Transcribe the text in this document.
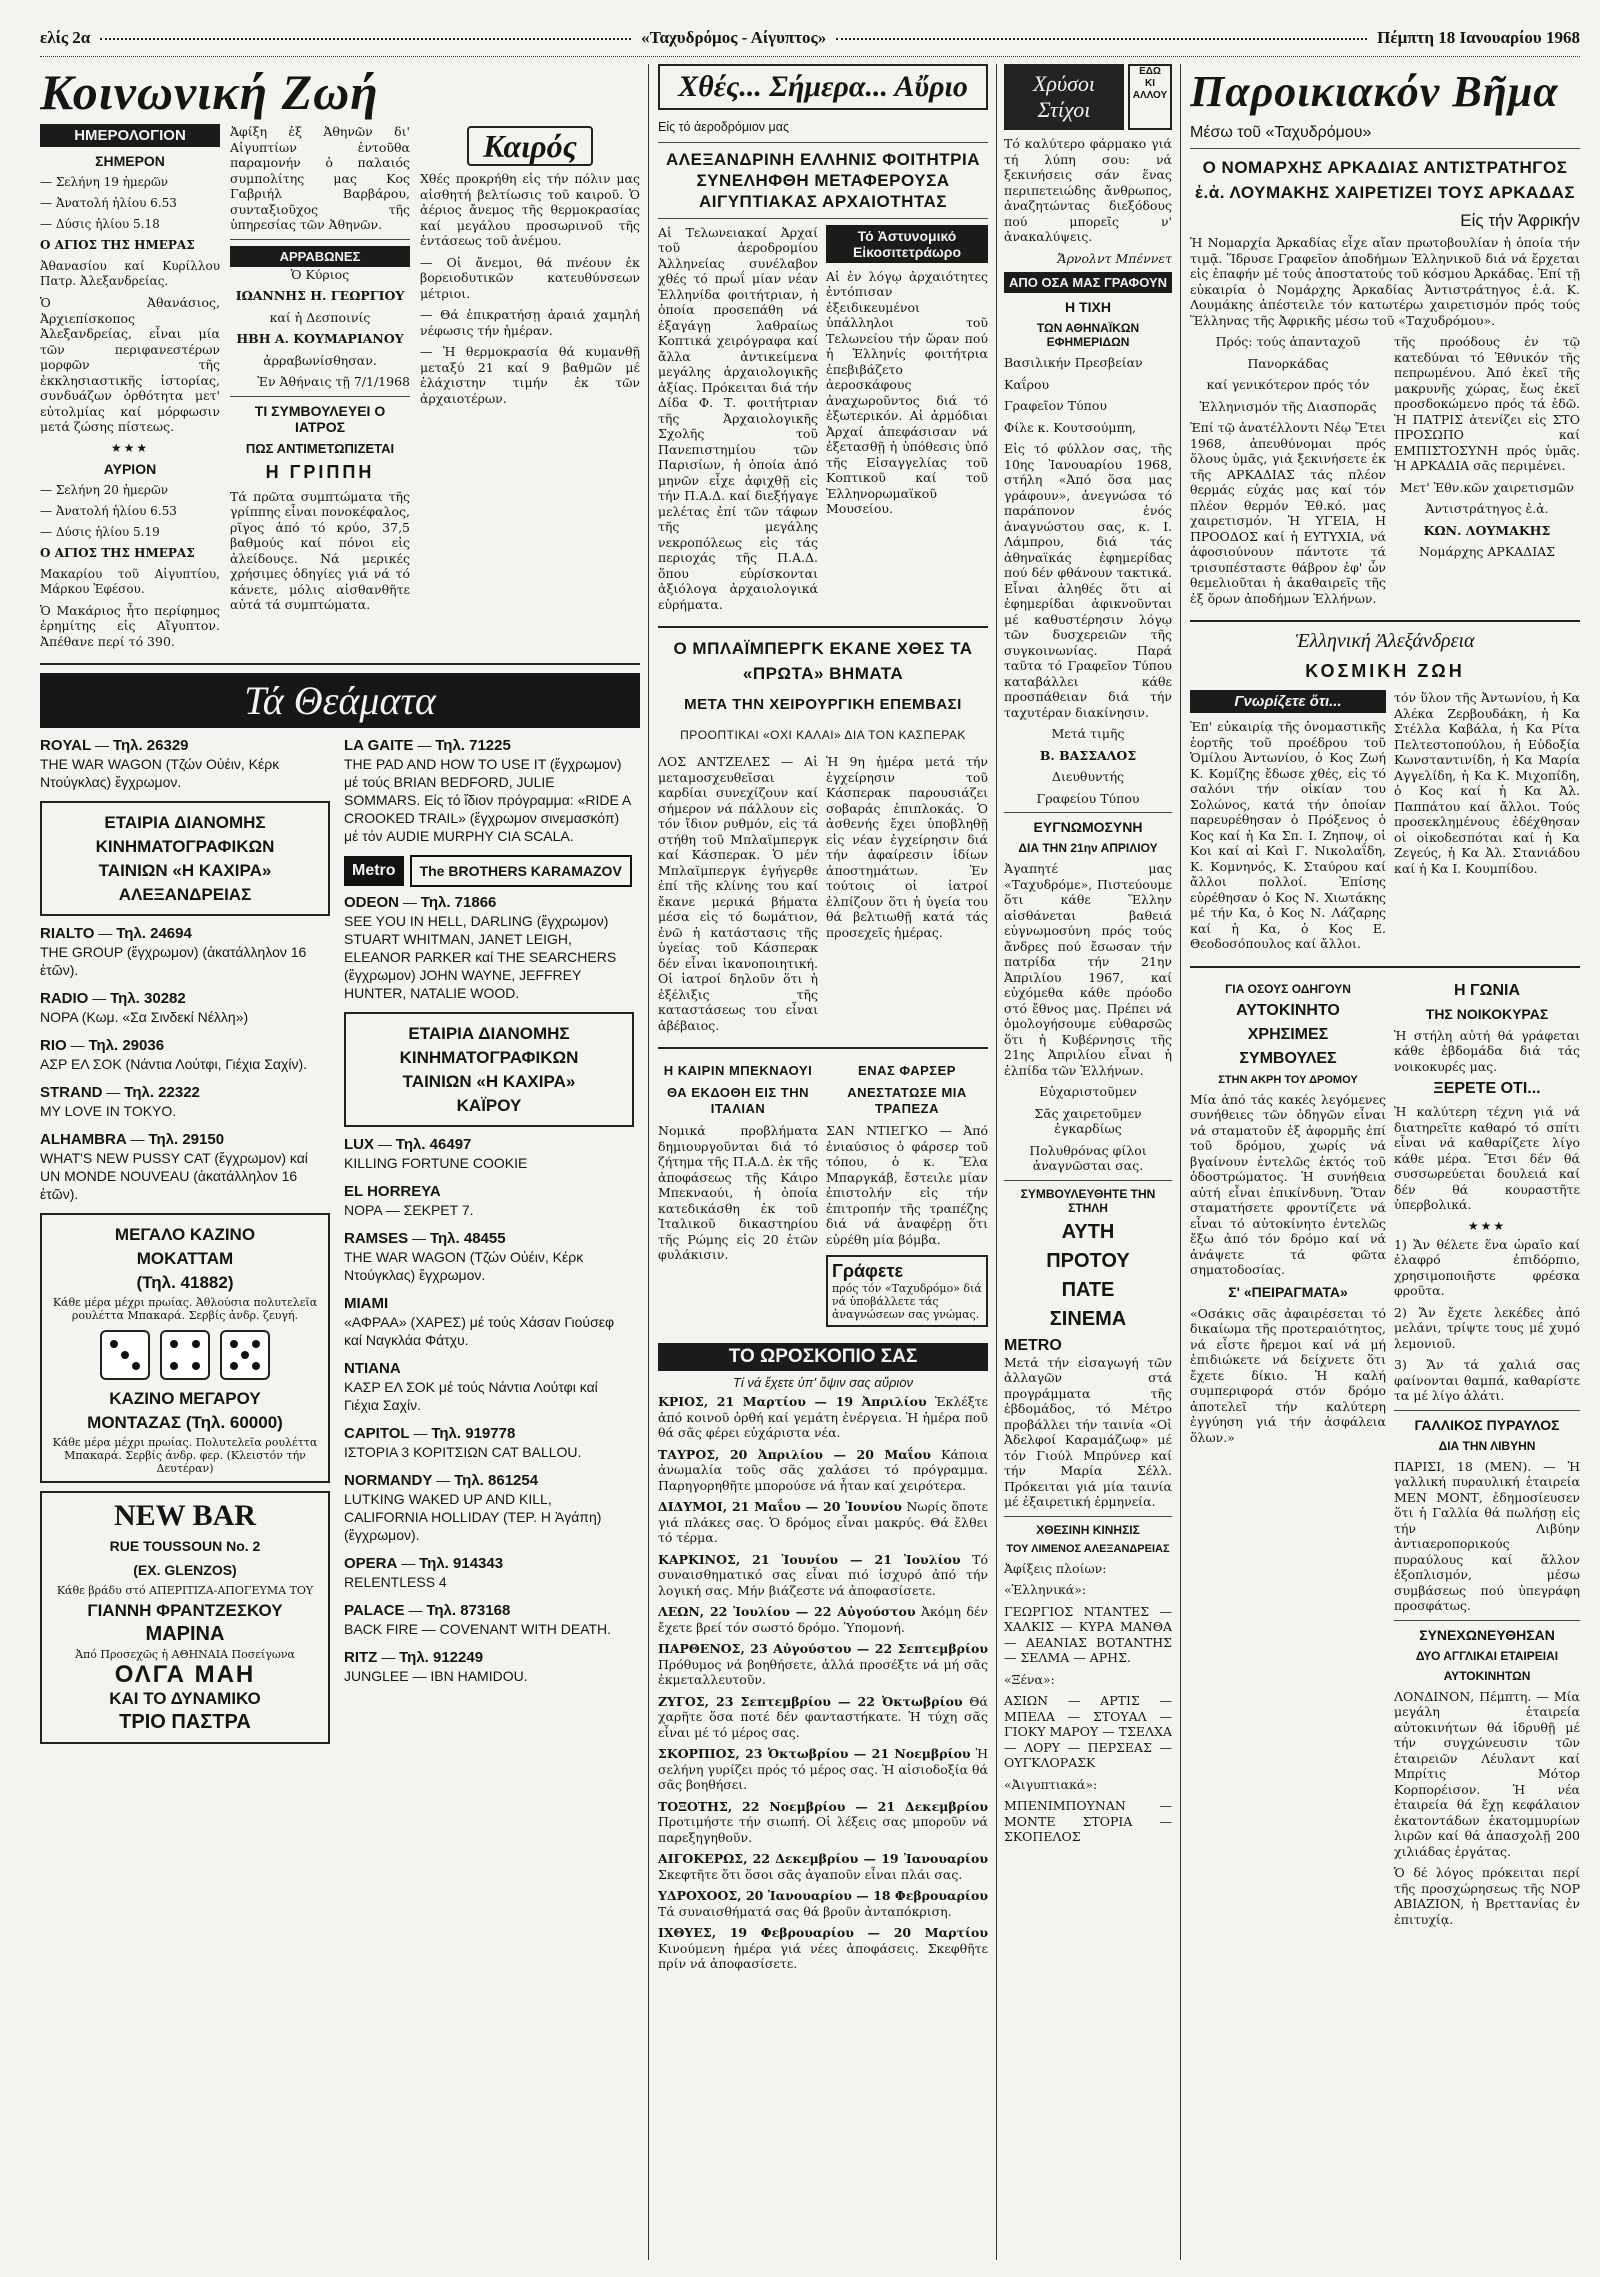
ελίς 2α	«Ταχυδρόμος - Αίγυπτος»	Πέμπτη 18 Ιανουαρίου 1968
Κοινωνική Ζωή
ΗΜΕΡΟΛΟΓΙΟΝ
ΣΗΜΕΡΟΝ
— Σελήνη 19 ἡμερῶν
— Ἀνατολή ἡλίου 6.53
— Δύσις ἡλίου 5.18
Ο ΑΓΙΟΣ ΤΗΣ ΗΜΕΡΑΣ
Ἀθανασίου καί Κυρίλλου Πατρ. Ἀλεξανδρείας.

Ὁ Ἀθανάσιος, Ἀρχιεπίσκοπος Ἀλεξανδρείας, εἶναι μία τῶν περιφανεστέρων μορφῶν τῆς ἐκκλησιαστικῆς ἱστορίας, συνδυάζων ὀρθότητα μετ' εὐτολμίας καί μόρφωσιν μετά ζώσης πίστεως.

★★★
ΑΥΡΙΟΝ
— Σελήνη 20 ἡμερῶν
— Ἀνατολή ἡλίου 6.53
— Δύσις ἡλίου 5.19
Ο ΑΓΙΟΣ ΤΗΣ ΗΜΕΡΑΣ
Μακαρίου τοῦ Αἰγυπτίου, Μάρκου Ἐφέσου.

Ὁ Μακάριος ἦτο περίφημος ἐρημίτης εἰς Αἴγυπτον. Ἀπέθανε περί τό 390.

Ἀφίξη ἐξ Ἀθηνῶν δι' Αἰγυπτίων ἐντοῦθα παραμονήν ὁ παλαιός συμπολίτης μας Κος Γαβριήλ Βαρβάρου, συνταξιοῦχος τῆς ὑπηρεσίας τῶν Ἀθηνῶν.

ΑΡΡΑΒΩΝΕΣ
Ὁ Κύριος
ΙΩΑΝΝΗΣ Η. ΓΕΩΡΓΙΟΥ
καί ἡ Δεσποινίς
ΗΒΗ Α. ΚΟΥΜΑΡΙΑΝΟΥ
ἀρραβωνίσθησαν.
Ἐν Ἀθήναις τῇ 7/1/1968
ΤΙ ΣΥΜΒΟΥΛΕΥΕΙ Ο ΙΑΤΡΟΣ
ΠΩΣ ΑΝΤΙΜΕΤΩΠΙΖΕΤΑΙ
Η ΓΡΙΠΠΗ

Τά πρῶτα συμπτώματα τῆς γρίππης εἶναι πονοκέφαλος, ρῖγος ἀπό τό κρύο, 37,5 βαθμούς καί πόνοι εἰς ἀλείδουςε. Νά μερικές χρήσιμες ὁδηγίες γιά νά τό κάνετε, μόλις αἰσθανθῆτε αὐτά τά συμπτώματα.

Καιρός

Χθές προκρήθη εἰς τήν πόλιν μας αἰσθητή βελτίωσις τοῦ καιροῦ. Ὁ ἀέριος ἄνεμος τῆς θερμοκρασίας καί μεγάλου προσωρινοῦ τῆς ἐντάσεως τοῦ ἀνέμου.

— Οἱ ἄνεμοι, θά πνέουν ἐκ βορειοδυτικῶν κατευθύνσεων μέτριοι.

— Θά ἐπικρατήσῃ ἀραιά χαμηλή νέφωσις τήν ἡμέραν.

— Ἡ θερμοκρασία θά κυμανθῇ μεταξύ 21 καί 9 βαθμῶν μέ ἐλάχιστην τιμήν ἐκ τῶν ἀρχαιοτέρων.

Τά Θεάματα
ROYAL — Τηλ. 26329
THE WAR WAGON (Τζών Οὐέιν, Κέρκ Ντούγκλας) ἔγχρωμον.
ΕΤΑΙΡΙΑ ΔΙΑΝΟΜΗΣ
ΚΙΝΗΜΑΤΟΓΡΑΦΙΚΩΝ
ΤΑΙΝΙΩΝ «Η ΚΑΧΙΡΑ»
ΑΛΕΞΑΝΔΡΕΙΑΣ
RIALTO — Τηλ. 24694
THE GROUP (ἔγχρωμον) (ἀκατάλληλον 16 ἐτῶν).
RADIO — Τηλ. 30282
ΝΟΡΑ (Κωμ. «Σα Σινδεκί Νέλλη»)
RIO — Τηλ. 29036
ΑΣΡ ΕΛ ΣΟΚ (Νάντια Λούτφι, Γιέχια Σαχίν).
STRAND — Τηλ. 22322
MY LOVE IN TOKYO.
ALHAMBRA — Τηλ. 29150
WHAT'S NEW PUSSY CAT (ἔγχρωμον) καί UN MONDE NOUVEAU (ἀκατάλληλον 16 ἐτῶν).
ΜΕΓΑΛΟ ΚΑΖΙΝΟ
ΜΟΚΑΤΤΑΜ
(Τηλ. 41882)
Κάθε μέρα μέχρι πρωίας. Ἀθλούσια πολυτελεῖα ρουλέττα Μπακαρά. Σερβίς ἀνδρ. ζευγή.
ΚΑΖΙΝΟ ΜΕΓΑΡΟΥ
ΜΟΝΤΑΖΑΣ (Τηλ. 60000)
Κάθε μέρα μέχρι πρωίας. Πολυτελεῖα ρουλέττα Μπακαρά. Σερβίς ἀνδρ. φερ. (Κλειστόν τήν Δευτέραν)
NEW BAR
RUE TOUSSOUN No. 2
(EX. GLENZOS)
Κάθε βράδυ στό ΑΠΕΡΙΤΙΖΑ-ΑΠΟΓΕΥΜΑ ΤΟΥ
ΓΙΑΝΝΗ ΦΡΑΝΤΖΕΣΚΟΥ
ΜΑΡΙΝΑ
Ἀπό Προσεχῶς ἡ ΑΘΗΝΑΙΑ Ποσείγωνα
ΟΛΓΑ ΜΑΗ
ΚΑΙ ΤΟ ΔΥΝΑΜΙΚΟ
ΤΡΙΟ ΠΑΣΤΡΑ
LA GAITE — Τηλ. 71225
THE PAD AND HOW TO USE IT (ἔγχρωμον) μέ τούς BRIAN BEDFORD, JULIE SOMMARS. Εἰς τό ἴδιον πρόγραμμα: «RIDE A CROOKED TRAIL» (ἔγχρωμον σινεμασκόπ) μέ τόν AUDIE MURPHY CIA SCALA.
Metro	The BROTHERS KARAMAZOV
ODEON — Τηλ. 71866
SEE YOU IN HELL, DARLING (ἔγχρωμον) STUART WHITMAN, JANET LEIGH, ELEANOR PARKER καί THE SEARCHERS (ἔγχρωμον) JOHN WAYNE, JEFFREY HUNTER, NATALIE WOOD.
ΕΤΑΙΡΙΑ ΔΙΑΝΟΜΗΣ
ΚΙΝΗΜΑΤΟΓΡΑΦΙΚΩΝ
ΤΑΙΝΙΩΝ «Η ΚΑΧΙΡΑ»
ΚΑΪΡΟΥ
LUX — Τηλ. 46497
KILLING FORTUNE COOKIE
EL HORREYA
ΝΟΡΑ — ΣΕΚΡΕΤ 7.
RAMSES — Τηλ. 48455
THE WAR WAGON (Τζών Οὐέιν, Κέρκ Ντούγκλας) ἔγχρωμον.
MIAMI
«ΑΦΡΑΑ» (ΧΑΡΕΣ) μέ τούς Χάσαν Γιούσεφ καί Ναγκλάα Φάτχυ.
ΝΤΙΑΝΑ
ΚΑΣΡ ΕΛ ΣΟΚ μέ τούς Νάντια Λούτφι καί Γιέχια Σαχίν.
CAPITOL — Τηλ. 919778
ΙΣΤΟΡΙΑ 3 ΚΟΡΙΤΣΙΩΝ CAT BALLOU.
NORMANDY — Τηλ. 861254
LUTKING WAKED UP AND KILL, CALIFORNIA HOLLIDAY (ΤΕΡ. Η Ἀγάπη) (ἔγχρωμον).
OPERA — Τηλ. 914343
RELENTLESS 4
PALACE — Τηλ. 873168
BACK FIRE — COVENANT WITH DEATH.
RITZ — Τηλ. 912249
JUNGLEE — IBN HAMIDOU.
Χθές... Σήμερα... Αὔριο

Εἰς τό ἀεροδρόμιον μας

ΑΛΕΞΑΝΔΡΙΝΗ ΕΛΛΗΝΙΣ ΦΟΙΤΗΤΡΙΑ ΣΥΝΕΛΗΦΘΗ ΜΕΤΑΦΕΡΟΥΣΑ ΑΙΓΥΠΤΙΑΚΑΣ ΑΡΧΑΙΟΤΗΤΑΣ

Αἱ Τελωνειακαί Ἀρχαί τοῦ ἀεροδρομίου Ἀλληνείας συνέλαβον χθές τό πρωΐ μίαν νέαν Ἑλληνίδα φοιτήτριαν, ἡ ὁποία προσεπάθη νά ἐξαγάγῃ λαθραίως Κοπτικά χειρόγραφα καί ἄλλα ἀντικείμενα μεγάλης ἀρχαιολογικῆς ἀξίας. Πρόκειται διά τήν Δίδα Φ. Τ. φοιτήτριαν τῆς Ἀρχαιολογικῆς Σχολῆς τοῦ Πανεπιστημίου τῶν Παρισίων, ἡ ὁποία ἀπό μηνῶν εἶχε ἀφιχθῇ εἰς τήν Π.Α.Δ. καί διεξήγαγε μελέτας ἐπί τῶν τάφων τῆς μεγάλης νεκροπόλεως εἰς τάς περιοχάς τῆς Π.Α.Δ. ὅπου εὑρίσκονται ἀξιόλογα ἀρχαιολογικά εὑρήματα.

Τό Ἀστυνομικό Εἰκοσιτετράωρο

Αἱ ἐν λόγῳ ἀρχαιότητες ἐντόπισαν ἐξειδικευμένοι ὑπάλληλοι τοῦ Τελωνείου τήν ὥραν πού ἡ Ἑλληνίς φοιτήτρια ἐπεβιβάζετο ἀεροσκάφους ἀναχωροῦντος διά τό ἐξωτερικόν. Αἱ ἀρμόδιαι Ἀρχαί ἀπεφάσισαν νά ἐξετασθῇ ἡ ὑπόθεσις ὑπό τῆς Εἰσαγγελίας τοῦ Κοπτικοῦ καί τοῦ Ἑλληνορωμαϊκοῦ Μουσείου.

Ο ΜΠΛΑΪΜΠΕΡΓΚ ΕΚΑΝΕ ΧΘΕΣ ΤΑ «ΠΡΩΤΑ» ΒΗΜΑΤΑ
ΜΕΤΑ ΤΗΝ ΧΕΙΡΟΥΡΓΙΚΗ ΕΠΕΜΒΑΣΙ
ΠΡΟΟΠΤΙΚΑΙ «ΟΧΙ ΚΑΛΑΙ» ΔΙΑ ΤΟΝ ΚΑΣΠΕΡΑΚ

ΛΟΣ ΑΝΤΖΕΛΕΣ — Αἱ μεταμοσχευθεῖσαι καρδίαι συνεχίζουν καί σήμερον νά πάλλουν εἰς τόν ἴδιον ρυθμόν, εἰς τά στήθη τοῦ Μπλαϊμπεργκ καί Κάσπερακ. Ὁ μέν Μπλαϊμπεργκ ἐγήγερθε ἐπί τῆς κλίνης του καί ἔκανε μερικά βήματα μέσα εἰς τό δωμάτιον, ἐνῶ ἡ κατάστασις τῆς ὑγείας τοῦ Κάσπερακ δέν εἶναι ἱκανοποιητική. Οἱ ἰατροί δηλοῦν ὅτι ἡ ἐξέλιξις τῆς καταστάσεως του εἶναι ἀβέβαιος.

Ἡ 9η ἡμέρα μετά τήν ἐγχείρησιν τοῦ Κάσπερακ παρουσιάζει σοβαράς ἐπιπλοκάς. Ὁ ἀσθενής ἔχει ὑποβληθῇ εἰς νέαν ἐγχείρησιν διά τήν ἀφαίρεσιν ἰδίων ἀποστημάτων. Ἐν τούτοις οἱ ἰατροί ἐλπίζουν ὅτι ἡ ὑγεία του θά βελτιωθῇ κατά τάς προσεχεῖς ἡμέρας.

Η ΚΑΙΡΙΝ ΜΠΕΚΝΑΟΥΙ
ΘΑ ΕΚΔΟΘΗ ΕΙΣ ΤΗΝ ΙΤΑΛΙΑΝ

Νομικά προβλήματα δημιουργοῦνται διά τό ζήτημα τῆς Π.Α.Δ. ἐκ τῆς ἀποφάσεως τῆς Κάιρο Μπεκναούι, ἡ ὁποία κατεδικάσθη ἐκ τοῦ Ἰταλικοῦ δικαστηρίου τῆς Ρώμης εἰς 20 ἐτῶν φυλάκισιν.

ΕΝΑΣ ΦΑΡΣΕΡ
ΑΝΕΣΤΑΤΩΣΕ ΜΙΑ ΤΡΑΠΕΖΑ

ΣΑΝ ΝΤΙΕΓΚΟ — Ἀπό ἐνιαύσιος ὁ φάρσερ τοῦ τόπου, ὁ κ. Ἔλα Μπαργκάβ, ἔστειλε μίαν ἐπιστολήν εἰς τήν ἐπιτροπήν τῆς τραπέζης διά νά ἀναφέρῃ ὅτι εὑρέθη μία βόμβα.

Γράφετε
πρός τόν «Ταχυδρόμο» διά νά ὑποβάλλετε τάς ἀναγνώσεων σας γνώμας.
ΤΟ ΩΡΟΣΚΟΠΙΟ ΣΑΣ
Τί νά ἔχετε ὑπ' ὄψιν σας αὔριον

ΚΡΙΟΣ, 21 Μαρτίου — 19 Ἀπριλίου Ἐκλέξτε ἀπό κοινοῦ ὀρθή καί γεμάτη ἐνέργεια. Ἡ ἡμέρα ποῦ θά σᾶς φέρει εὐχάριστα νέα.

ΤΑΥΡΟΣ, 20 Ἀπριλίου — 20 Μαΐου Κάποια ἀνωμαλία τοῦς σᾶς χαλάσει τό πρόγραμμα. Παρηγορηθῆτε μπορούσε νά ἦταν καί χειρότερα.

ΔΙΔΥΜΟΙ, 21 Μαΐου — 20 Ἰουνίου Νωρίς ὅποτε γιά πλάκες σας. Ὁ δρόμος εἶναι μακρύς. Θά ἔλθει τό τέρμα.

ΚΑΡΚΙΝΟΣ, 21 Ἰουνίου — 21 Ἰουλίου Τό συναισθηματικό σας εἶναι πιό ἰσχυρό ἀπό τήν λογική σας. Μήν βιάζεστε νά ἀποφασίσετε.

ΛΕΩΝ, 22 Ἰουλίου — 22 Αὐγούστου Ἀκόμη δέν ἔχετε βρεί τόν σωστό δρόμο. Ὑπομονή.

ΠΑΡΘΕΝΟΣ, 23 Αὐγούστου — 22 Σεπτεμβρίου Πρόθυμος νά βοηθήσετε, ἀλλά προσέξτε νά μή σᾶς ἐκμεταλλευτοῦν.

ΖΥΓΟΣ, 23 Σεπτεμβρίου — 22 Ὀκτωβρίου Θά χαρῆτε ὅσα ποτέ δέν φανταστήκατε. Ἡ τύχη σᾶς εἶναι μέ τό μέρος σας.

ΣΚΟΡΠΙΟΣ, 23 Ὀκτωβρίου — 21 Νοεμβρίου Ἡ σελήνη γυρίζει πρός τό μέρος σας. Ἡ αἰσιοδοξία θά σᾶς βοηθήσει.

ΤΟΞΟΤΗΣ, 22 Νοεμβρίου — 21 Δεκεμβρίου Προτιμήστε τήν σιωπή. Οἱ λέξεις σας μποροῦν νά παρεξηγηθοῦν.

ΑΙΓΟΚΕΡΩΣ, 22 Δεκεμβρίου — 19 Ἰανουαρίου Σκεφτῆτε ὅτι ὅσοι σᾶς ἀγαποῦν εἶναι πλάι σας.

ΥΔΡΟΧΟΟΣ, 20 Ἰανουαρίου — 18 Φεβρουαρίου Τά συναισθήματά σας θά βροῦν ἀνταπόκριση.

ΙΧΘΥΕΣ, 19 Φεβρουαρίου — 20 Μαρτίου Κινούμενη ἡμέρα γιά νέες ἀποφάσεις. Σκεφθῆτε πρίν νά ἀποφασίσετε.

Χρύσοι Στίχοι
ΕΔΩ
ΚΙ
ΑΛΛΟΥ

Τό καλύτερο φάρμακο γιά τή λύπη σου: νά ξεκινήσεις σάν ἕνας περιπετειώδης ἄνθρωπος, ἀναζητώντας διεξόδους πού μπορεῖς ν' ἀνακαλύψεις.

Ἄρνολντ Μπέννετ

ΑΠΟ ΟΣΑ ΜΑΣ ΓΡΑΦΟΥΝ
Η ΤΙΧΗ
ΤΩΝ ΑΘΗΝΑΪΚΩΝ ΕΦΗΜΕΡΙΔΩΝ
Βασιλικήν Πρεσβείαν
Καΐρου
Γραφεῖον Τύπου

Φίλε κ. Κουτσούμπη,

Εἰς τό φύλλον σας, τῆς 10ης Ἰανουαρίου 1968, στήλη «Ἀπό ὅσα μας γράφουν», ἀνεγνώσα τό παράπονον ἑνός ἀναγνώστου σας, κ. Ι. Λάμπρου, διά τάς ἀθηναϊκάς ἐφημερίδας πού δέν φθάνουν τακτικά. Εἶναι ἀληθές ὅτι αἱ ἐφημερίδαι ἀφικνοῦνται μέ καθυστέρησιν λόγῳ τῶν δυσχερειῶν τῆς συγκοινωνίας. Παρά ταῦτα τό Γραφεῖον Τύπου καταβάλλει κάθε προσπάθειαν διά τήν ταχυτέραν διακίνησιν.

Μετά τιμῆς
Β. ΒΑΣΣΑΛΟΣ
Διευθυντής
Γραφείου Τύπου
ΕΥΓΝΩΜΟΣΥΝΗ
ΔΙΑ ΤΗΝ 21ην ΑΠΡΙΛΙΟΥ

Ἀγαπητέ μας «Ταχυδρόμε», Πιστεύουμε ὅτι κάθε Ἕλλην αἰσθάνεται βαθειά εὐγνωμοσύνη πρός τούς ἄνδρες πού ἔσωσαν τήν πατρίδα τήν 21ην Ἀπριλίου 1967, καί εὐχόμεθα κάθε πρόοδο στό ἔθνος μας. Πρέπει νά ὁμολογήσουμε εὐθαρσῶς ὅτι ἡ Κυβέρνησις τῆς 21ης Ἀπριλίου εἶναι ἡ ἐλπίδα τῶν Ἑλλήνων.

Εὐχαριστοῦμεν
Σᾶς χαιρετοῦμεν ἐγκαρδίως
Πολυθρόνας φίλοι ἀναγνῶσται σας.
ΣΥΜΒΟΥΛΕΥΘΗΤΕ ΤΗΝ ΣΤΗΛΗ
ΑΥΤΗ
ΠΡΟΤΟΥ
ΠΑΤΕ
ΣΙΝΕΜΑ
METRO

Μετά τήν εἰσαγωγή τῶν ἀλλαγῶν στά προγράμματα τῆς ἑβδομάδος, τό Μέτρο προβάλλει τήν ταινία «Οἱ Ἀδελφοί Καραμάζωφ» μέ τόν Γιούλ Μπρύνερ καί τήν Μαρία Σέλλ. Πρόκειται γιά μία ταινία μέ ἐξαιρετική ἐρμηνεία.

ΧΘΕΣΙΝΗ ΚΙΝΗΣΙΣ
ΤΟΥ ΛΙΜΕΝΟΣ ΑΛΕΞΑΝΔΡΕΙΑΣ
Ἀφίξεις πλοίων:
«Ἑλληνικά»:
ΓΕΩΡΓΙΟΣ ΝΤΑΝΤΕΣ — ΧΑΛΚΙΣ — ΚΥΡΑ ΜΑΝΘΑ — ΑΕΑΝΙΑΣ ΒΟΤΑΝΤΗΣ — ΣΕΛΜΑ — ΑΡΗΣ.
«Ξένα»:
ΑΣΙΩΝ — ΑΡΤΙΣ — ΜΠΕΛΑ — ΣΤΟΥΑΛ — ΓΙΟΚΥ ΜΑΡΟΥ — ΤΣΕΛΧΑ — ΛΟΡΥ — ΠΕΡΣΕΑΣ — ΟΥΓΚΛΟΡΑΣΚ
«Ἀιγυπτιακά»:
ΜΠΕΝΙΜΠΟΥΝΑΝ — ΜΟΝΤΕ ΣΤΟΡΙΑ — ΣΚΟΠΕΛΟΣ
Παροικιακόν Βῆμα
Μέσω τοῦ «Ταχυδρόμου»
Ο ΝΟΜΑΡΧΗΣ ΑΡΚΑΔΙΑΣ ΑΝΤΙΣΤΡΑΤΗΓΟΣ ἐ.ἀ. ΛΟΥΜΑΚΗΣ ΧΑΙΡΕΤΙΖΕΙ ΤΟΥΣ ΑΡΚΑΔΑΣ
Εἰς τήν Ἀφρικήν

Ἡ Νομαρχία Ἀρκαδίας εἶχε αἴαν πρωτοβουλίαν ἡ ὁποία τήν τιμᾷ. Ἵδρυσε Γραφεῖον ἀποδήμων Ἑλληνικοῦ διά νά ἔρχεται εἰς ἐπαφήν μέ τούς ἀποστατούς τοῦ κόσμου Ἀρκάδας. Ἐπί τῇ εὐκαιρία ὁ Νομάρχης Ἀρκαδίας Ἀντιστράτηγος ἐ.ἀ. Κ. Λουμάκης ἀπέστειλε τόν κατωτέρω χαιρετισμόν πρός τούς Ἕλληνας τῆς Ἀφρικῆς μέσω τοῦ «Ταχυδρόμου».

Πρός: τούς ἀπανταχοῦ
Πανορκάδας
καί γενικότερον πρός τόν
Ἑλληνισμόν τῆς Διασπορᾶς

Ἐπί τῷ ἀνατέλλοντι Νέῳ Ἔτει 1968, ἀπευθύνομαι πρός ὅλους ὑμᾶς, γιά ξεκινήσετε ἐκ τῆς ΑΡΚΑΔΙΑΣ τάς πλέον θερμάς εὐχάς μας καί τόν πλέον θερμόν Ἐθ.κό. μας χαιρετισμόν. Ἡ ΥΓΕΙΑ, Η ΠΡΟΟΔΟΣ καί ἡ ΕΥΤΥΧΙΑ, νά ἀφοσιούνουν πάντοτε τά τρισυπέσταστε θάβρον ἐφ' ὧν θεμελιοῦται ἡ ἀκαθαιρεῖς τῆς ἐξ ὅρων ἀποδήμων Ἑλλήνων.

τῆς προόδους ἐν τῷ κατεδύναι τό Ἐθνικόν τῆς πεπρωμένου. Ἀπό ἐκεῖ τῆς μακρυνῆς χώρας, ἔως ἐκεῖ προσδοκώμενο πρός τά ἐδῶ. Ἡ ΠΑΤΡΙΣ ἀτενίζει εἰς ΣΤΟ ΠΡΟΣΩΠΟ καί ΕΜΠΙΣΤΟΣΥΝΗ πρός ὑμᾶς. Ἡ ΑΡΚΑΔΙΑ σᾶς περιμένει.

Μετ' Ἐθν.κῶν χαιρετισμῶν
Ἀντιστράτηγος ἐ.ἀ.
ΚΩΝ. ΛΟΥΜΑΚΗΣ
Νομάρχης ΑΡΚΑΔΙΑΣ
Ἑλληνική Ἀλεξάνδρεια
ΚΟΣΜΙΚΗ ΖΩΗ
Γνωρίζετε ὅτι...

Ἐπ' εὐκαιρίᾳ τῆς ὀνομαστικῆς ἑορτῆς τοῦ προέδρου τοῦ Ὁμίλου Ἀντωνίου, ὁ Κος Ζωή Κ. Κομίζης ἔδωσε χθές, εἰς τό σαλόνι τήν οἰκίαν του Σολώνος, κατά τήν ὁποίαν παρευρέθησαν ὁ Πρόξενος ὁ Κος καί ἡ Κα Σπ. Ι. Ζηποψ, οἱ Κοι καί αἱ Καὶ Γ. Νικολαΐδη, Κ. Κομνηνός, Κ. Σταύρου καί ἄλλοι πολλοί. Ἐπίσης εὑρέθησαν ὁ Κος Ν. Χιωτάκης μέ τήν Κα, ὁ Κος Ν. Λάζαρης καί ἡ Κα, ὁ Κος Ε. Θεοδοσόπουλος καί ἄλλοι.

τόν ὕλον τῆς Ἀντωνίου, ἡ Κα Αλέκα Ζερβουδάκη, ἡ Κα Στέλλα Καβάλα, ἡ Κα Ρίτα Πελτεστοπούλου, ἡ Εὐδοξία Κωνσταντινίδη, ἡ Κα Μαρία Αγγελίδη, ἡ Κα Κ. Μιχοπίδη, ὁ Κος καί ἡ Κα Ἀλ. Παππάτου καί ἄλλοι. Τούς προσεκλημένους ἐδέχθησαν οἱ οἰκοδεσπόται καί ἡ Κα Ζεγεύς, ἡ Κα Ἀλ. Στανιάδου καί ἡ Κα Ι. Κουμπίδου.

ΓΙΑ ΟΣΟΥΣ ΟΔΗΓΟΥΝ
ΑΥΤΟΚΙΝΗΤΟ
ΧΡΗΣΙΜΕΣ
ΣΥΜΒΟΥΛΕΣ
ΣΤΗΝ ΑΚΡΗ ΤΟΥ ΔΡΟΜΟΥ

Μία ἀπό τάς κακές λεγόμενες συνήθειες τῶν ὁδηγῶν εἶναι νά σταματοῦν ἐξ ἀφορμῆς ἐπί τοῦ δρόμου, χωρίς νά βγαίνουν ἐντελῶς ἐκτός τοῦ ὁδοστρώματος. Ἡ συνήθεια αὐτή εἶναι ἐπικίνδυνη. Ὅταν σταματήσετε φροντίζετε νά εἶναι τό αὐτοκίνητο ἐντελῶς ἔξω ἀπό τόν δρόμο καί νά ἀνάψετε τά φῶτα σηματοδοσίας.

Σ' «ΠΕΙΡΑΓΜΑΤΑ»

«Οσάκις σᾶς ἀφαιρέσεται τό δικαίωμα τῆς προτεραιότητος, νά εἶστε ἤρεμοι καί νά μή ἐπιδιώκετε νά δείχνετε ὅτι ἔχετε δίκιο. Ἡ καλή συμπεριφορά στόν δρόμο ἀποτελεῖ τήν καλύτερη ἐγγύηση γιά τήν ἀσφάλεια ὅλων.»

Η ΓΩΝΙΑ
ΤΗΣ ΝΟΙΚΟΚΥΡΑΣ

Ἡ στήλη αὐτή θά γράφεται κάθε ἑβδομάδα διά τάς νοικοκυρές μας.

ΞΕΡΕΤΕ ΟΤΙ...

Ἡ καλύτερη τέχνη γιά νά διατηρεῖτε καθαρό τό σπίτι εἶναι νά καθαρίζετε λίγο κάθε μέρα. Ἔτσι δέν θά συσσωρεύεται δουλειά καί δέν θά κουραστῆτε ὑπερβολικά.

★★★

1) Ἄν θέλετε ἕνα ὡραῖο καί ἐλαφρό ἐπιδόρπιο, χρησιμοποιῆστε φρέσκα φροῦτα.

2) Ἄν ἔχετε λεκέδες ἀπό μελάνι, τρίψτε τους μέ χυμό λεμονιοῦ.

3) Ἄν τά χαλιά σας φαίνονται θαμπά, καθαρίστε τα μέ λίγο ἀλάτι.

ΓΑΛΛΙΚΟΣ ΠΥΡΑΥΛΟΣ
ΔΙΑ ΤΗΝ ΛΙΒΥΗΝ

ΠΑΡΙΣΙ, 18 (ΜΕΝ). — Ἡ γαλλική πυραυλική ἑταιρεία ΜΕΝ ΜΟΝΤ, ἐδημοσίευσεν ὅτι ἡ Γαλλία θά πωλήσῃ εἰς τήν Λιβύην ἀντιαεροπορικούς πυραύλους καί ἄλλον ἐξοπλισμόν, μέσω συμβάσεως πού ὑπεγράφη προσφάτως.

ΣΥΝΕΧΩΝΕΥΘΗΣΑΝ
ΔΥΟ ΑΓΓΛΙΚΑΙ ΕΤΑΙΡΕΙΑΙ
ΑΥΤΟΚΙΝΗΤΩΝ

ΛΟΝΔΙΝΟΝ, Πέμπτη. — Μία μεγάλη ἑταιρεία αὐτοκινήτων θά ἱδρυθῇ μέ τήν συγχώνευσιν τῶν ἑταιρειῶν Λέυλαντ καί Μπρίτις Μότορ Κορπορέισον. Ἡ νέα ἑταιρεία θά ἔχῃ κεφάλαιον ἐκατοντάδων ἑκατομμυρίων λιρῶν καί θά ἀπασχολῇ 200 χιλιάδας ἐργάτας.

Ὁ δέ λόγος πρόκειται περί τῆς προσχώρησεως τῆς NOP ABIAZION, ἡ Βρεττανίας ἐν ἐπιτυχίᾳ.
